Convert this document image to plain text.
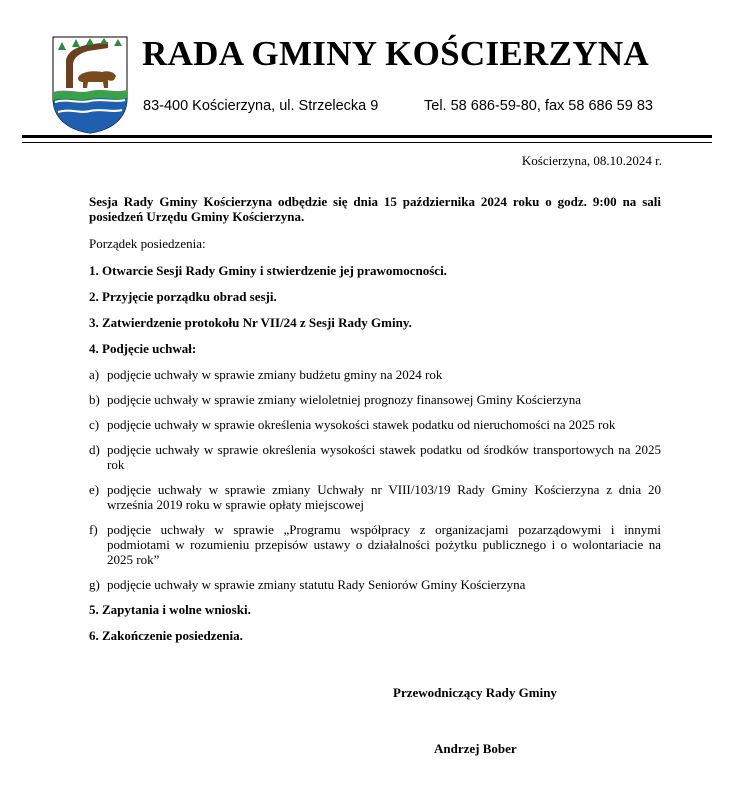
RADA GMINY KOŚCIERZYNA
83-400 Kościerzyna, ul. Strzelecka 9	Tel. 58 686-59-80, fax 58 686 59 83
Kościerzyna, 08.10.2024 r.

Sesja Rady Gminy Kościerzyna odbędzie się dnia 15 października 2024 roku o godz. 9:00 na sali posiedzeń Urzędu Gminy Kościerzyna.

Porządek posiedzenia:

1. Otwarcie Sesji Rady Gminy i stwierdzenie jej prawomocności.

2. Przyjęcie porządku obrad sesji.

3. Zatwierdzenie protokołu Nr VII/24 z Sesji Rady Gminy.

4. Podjęcie uchwał:

a) podjęcie uchwały w sprawie zmiany budżetu gminy na 2024 rok
b) podjęcie uchwały w sprawie zmiany wieloletniej prognozy finansowej Gminy Kościerzyna
c) podjęcie uchwały w sprawie określenia wysokości stawek podatku od nieruchomości na 2025 rok
d) podjęcie uchwały w sprawie określenia wysokości stawek podatku od środków transportowych na 2025 rok
e) podjęcie uchwały w sprawie zmiany Uchwały nr VIII/103/19 Rady Gminy Kościerzyna z dnia 20 września 2019 roku w sprawie opłaty miejscowej
f) podjęcie uchwały w sprawie „Programu współpracy z organizacjami pozarządowymi i innymi podmiotami w rozumieniu przepisów ustawy o działalności pożytku publicznego i o wolontariacie na 2025 rok”
g) podjęcie uchwały w sprawie zmiany statutu Rady Seniorów Gminy Kościerzyna

5. Zapytania i wolne wnioski.

6. Zakończenie posiedzenia.

Przewodniczący Rady Gminy
Andrzej Bober
